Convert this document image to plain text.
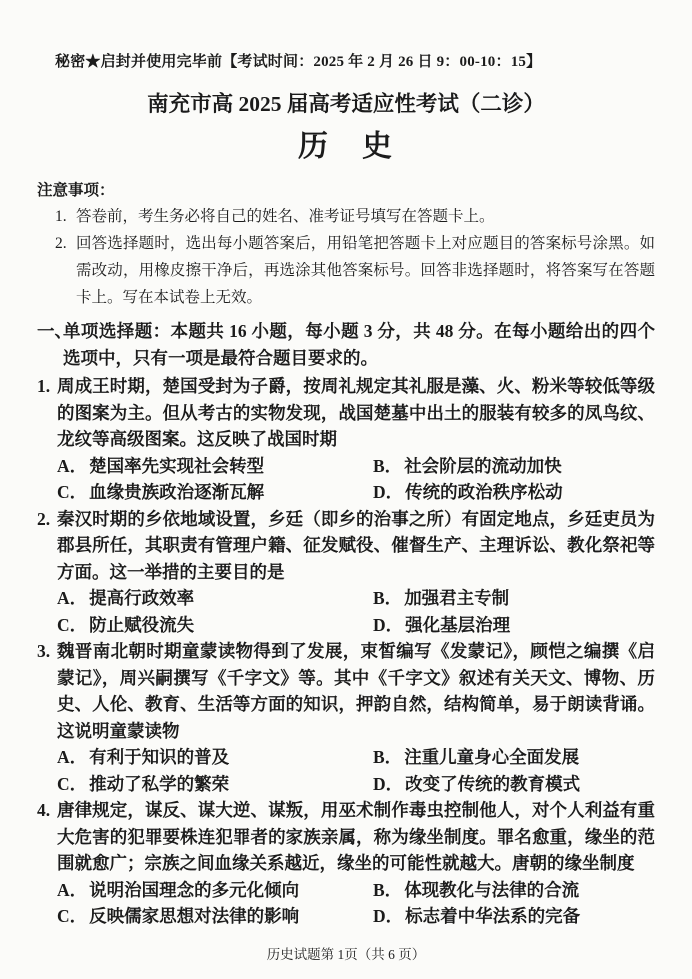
秘密★启封并使用完毕前【考试时间：2025 年 2 月 26 日 9：00-10：15】
南充市高 2025 届高考适应性考试（二诊）
历　史
注意事项：
1. 答卷前，考生务必将自己的姓名、准考证号填写在答题卡上。
2. 回答选择题时，选出每小题答案后，用铅笔把答题卡上对应题目的答案标号涂黑。如需改动，用橡皮擦干净后，再选涂其他答案标号。回答非选择题时，将答案写在答题卡上。写在本试卷上无效。
一、
单项选择题：本题共 16 小题，每小题 3 分，共 48 分。在每小题给出的四个选项中，只有一项是最符合题目要求的。
1. 周成王时期，楚国受封为子爵，按周礼规定其礼服是藻、火、粉米等较低等级的图案为主。但从考古的实物发现，战国楚墓中出土的服装有较多的凤鸟纹、龙纹等高级图案。这反映了战国时期
A． 楚国率先实现社会转型	B． 社会阶层的流动加快
C． 血缘贵族政治逐渐瓦解	D． 传统的政治秩序松动
2. 秦汉时期的乡依地域设置，乡廷（即乡的治事之所）有固定地点，乡廷吏员为郡县所任，其职责有管理户籍、征发赋役、催督生产、主理诉讼、教化祭祀等方面。这一举措的主要目的是
A． 提高行政效率	B． 加强君主专制
C． 防止赋役流失	D． 强化基层治理
3. 魏晋南北朝时期童蒙读物得到了发展，束皙编写《发蒙记》，顾恺之编撰《启蒙记》，周兴嗣撰写《千字文》等。其中《千字文》叙述有关天文、博物、历史、人伦、教育、生活等方面的知识，押韵自然，结构简单，易于朗读背诵。这说明童蒙读物
A． 有利于知识的普及	B． 注重儿童身心全面发展
C． 推动了私学的繁荣	D． 改变了传统的教育模式
4. 唐律规定，谋反、谋大逆、谋叛，用巫术制作毒虫控制他人，对个人利益有重大危害的犯罪要株连犯罪者的家族亲属，称为缘坐制度。罪名愈重，缘坐的范围就愈广；宗族之间血缘关系越近，缘坐的可能性就越大。唐朝的缘坐制度
A． 说明治国理念的多元化倾向	B． 体现教化与法律的合流
C． 反映儒家思想对法律的影响	D． 标志着中华法系的完备
历史试题第 1页（共 6 页）
